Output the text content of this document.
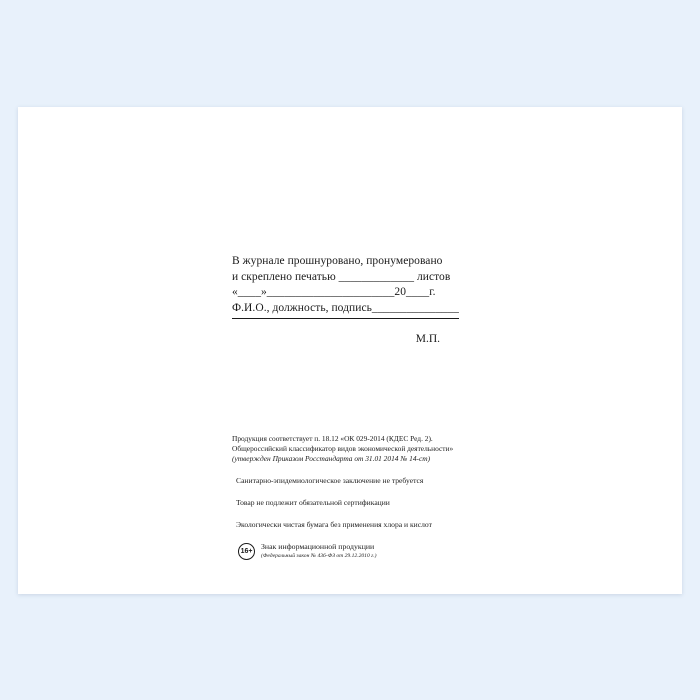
В журнале прошнуровано, пронумеровано
и скреплено печатью _____________ листов
«____»______________________20____г.
Ф.И.О., должность, подпись_______________
М.П.
Продукция соответствует п. 18.12 «ОК 029-2014 (КДЕС Ред. 2).
Общероссийский классификатор видов экономической деятельности»
(утвержден Приказом Росстандарта от 31.01 2014 № 14-ст)
Санитарно-эпидемиологическое заключение не требуется
Товар не подлежит обязательной сертификации
Экологически чистая бумага без применения хлора и кислот
16+	Знак информационной продукции
(Федеральный закон № 436-ФЗ от 29.12.2010 г.)
